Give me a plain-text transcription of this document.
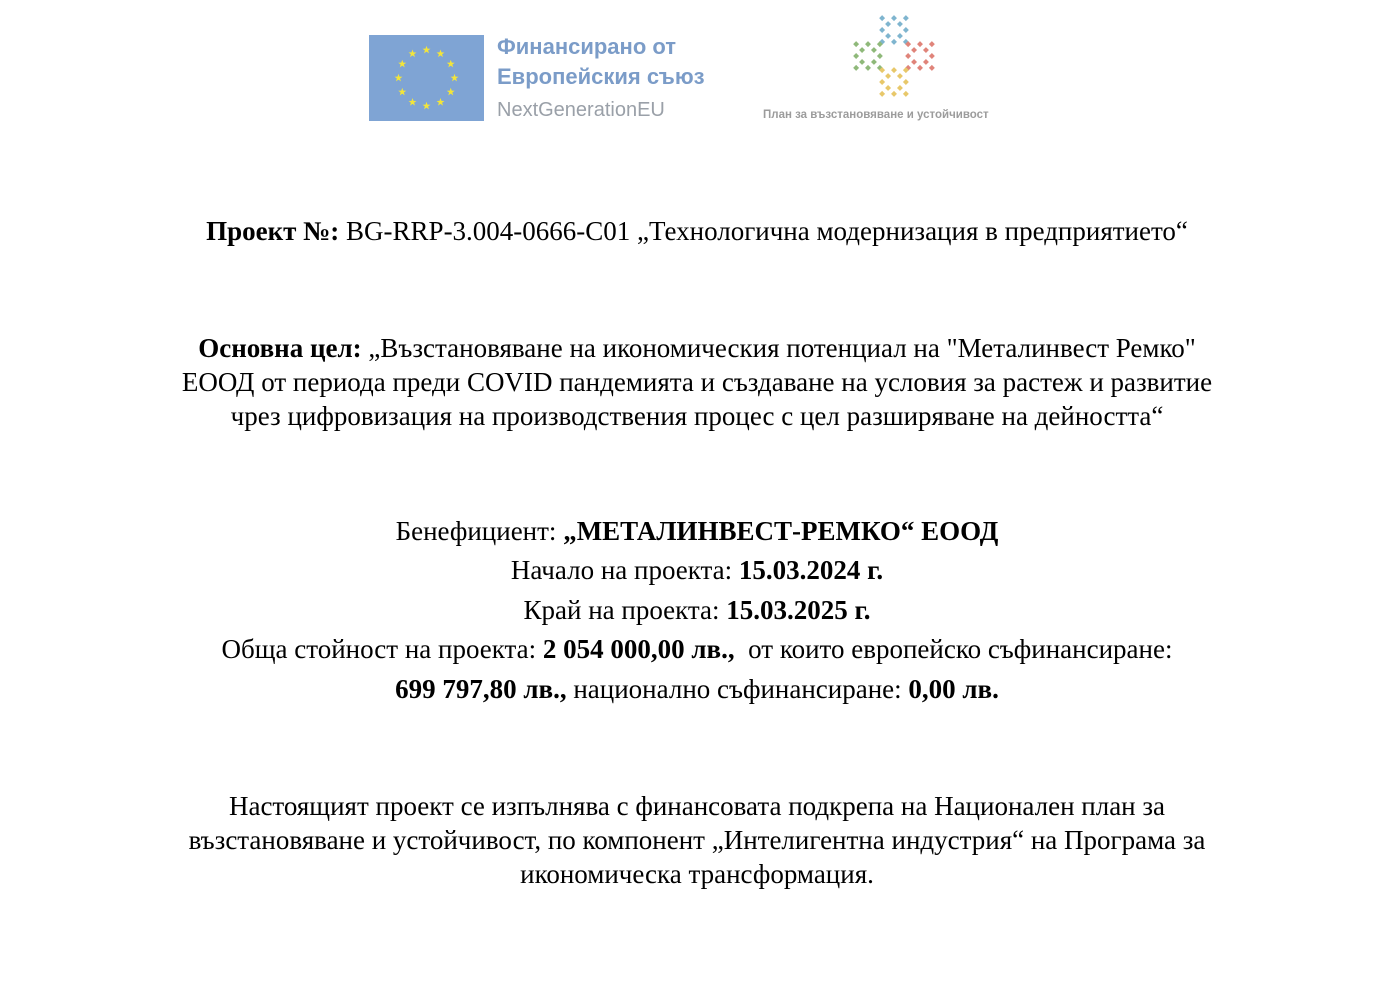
Финансирано от
Европейския съюз
NextGenerationEU	План за възстановяване и устойчивост
Проект №: BG-RRP-3.004-0666-C01 „Технологична модернизация в предприятието“
Основна цел: „Възстановяване на икономическия потенциал на "Металинвест Ремко"
ЕООД от периода преди COVID пандемията и създаване на условия за растеж и развитие
чрез цифровизация на производствения процес с цел разширяване на дейността“
Бенефициент: „МЕТАЛИНВЕСТ-РЕМКО“ ЕООД
Начало на проекта: 15.03.2024 г.
Край на проекта: 15.03.2025 г.
Обща стойност на проекта: 2 054 000,00 лв.,  от които европейско съфинансиране:
699 797,80 лв., национално съфинансиране: 0,00 лв.
Настоящият проект се изпълнява с финансовата подкрепа на Национален план за
възстановяване и устойчивост, по компонент „Интелигентна индустрия“ на Програма за
икономическа трансформация.
